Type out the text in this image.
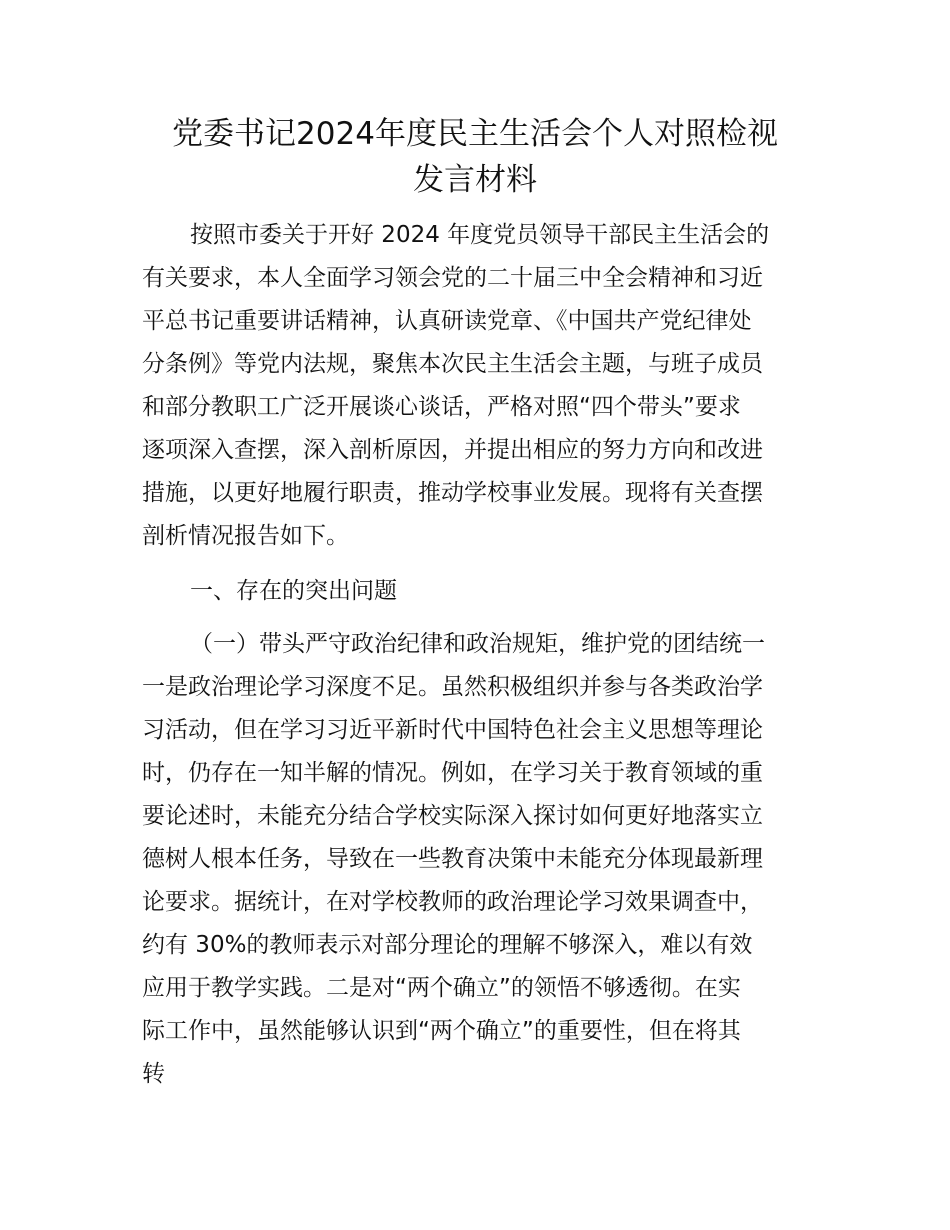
党委书记2024年度民主生活会个人对照检视
发言材料

按照市委关于开好 2024 年度党员领导干部民主生活会的

有关要求，本人全面学习领会党的二十届三中全会精神和习近

平总书记重要讲话精神，认真研读党章、《中国共产党纪律处

分条例》等党内法规，聚焦本次民主生活会主题，与班子成员

和部分教职工广泛开展谈心谈话，严格对照“四个带头”要求

逐项深入查摆，深入剖析原因，并提出相应的努力方向和改进

措施，以更好地履行职责，推动学校事业发展。现将有关查摆

剖析情况报告如下。

一、存在的突出问题

（一）带头严守政治纪律和政治规矩，维护党的团结统一

一是政治理论学习深度不足。虽然积极组织并参与各类政治学

习活动，但在学习习近平新时代中国特色社会主义思想等理论

时，仍存在一知半解的情况。例如，在学习关于教育领域的重

要论述时，未能充分结合学校实际深入探讨如何更好地落实立

德树人根本任务，导致在一些教育决策中未能充分体现最新理

论要求。据统计，在对学校教师的政治理论学习效果调查中，

约有 30%的教师表示对部分理论的理解不够深入，难以有效

应用于教学实践。二是对“两个确立”的领悟不够透彻。在实

际工作中，虽然能够认识到“两个确立”的重要性，但在将其

转
